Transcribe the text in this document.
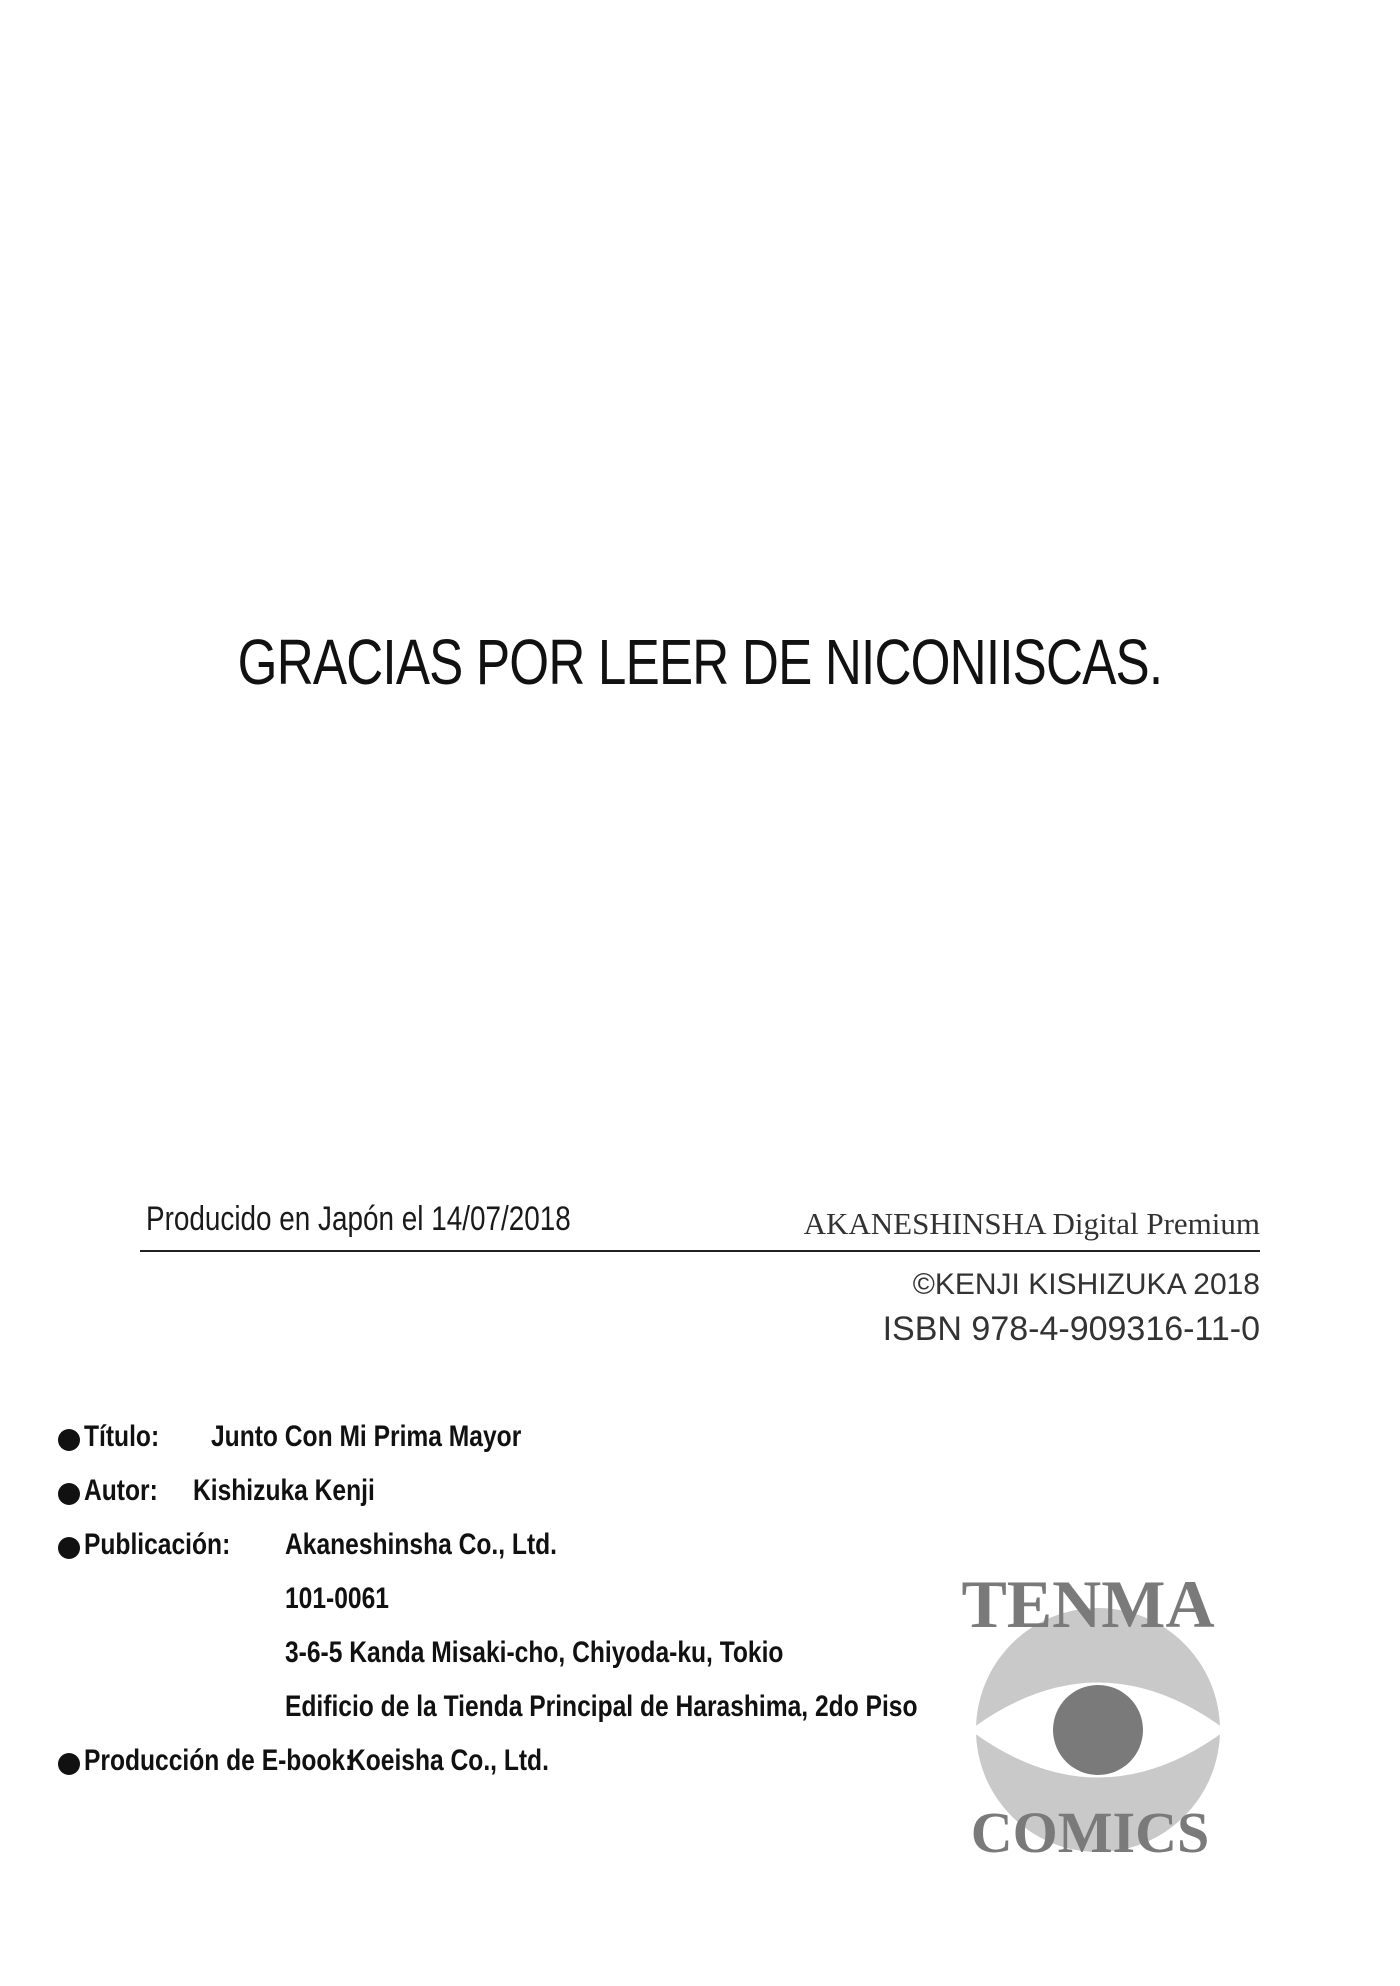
GRACIAS POR LEER DE NICONIISCAS.
Producido en Japón el 14/07/2018	AKANESHINSHA Digital Premium
©KENJI KISHIZUKA 2018
ISBN 978-4-909316-11-0
Título: Junto Con Mi Prima Mayor
Autor: Kishizuka Kenji
Publicación: Akaneshinsha Co., Ltd.
101-0061
3-6-5 Kanda Misaki-cho, Chiyoda-ku, Tokio
Edificio de la Tienda Principal de Harashima, 2do Piso
Producción de E-book:
Koeisha Co., Ltd.
TENMA
COMICS
